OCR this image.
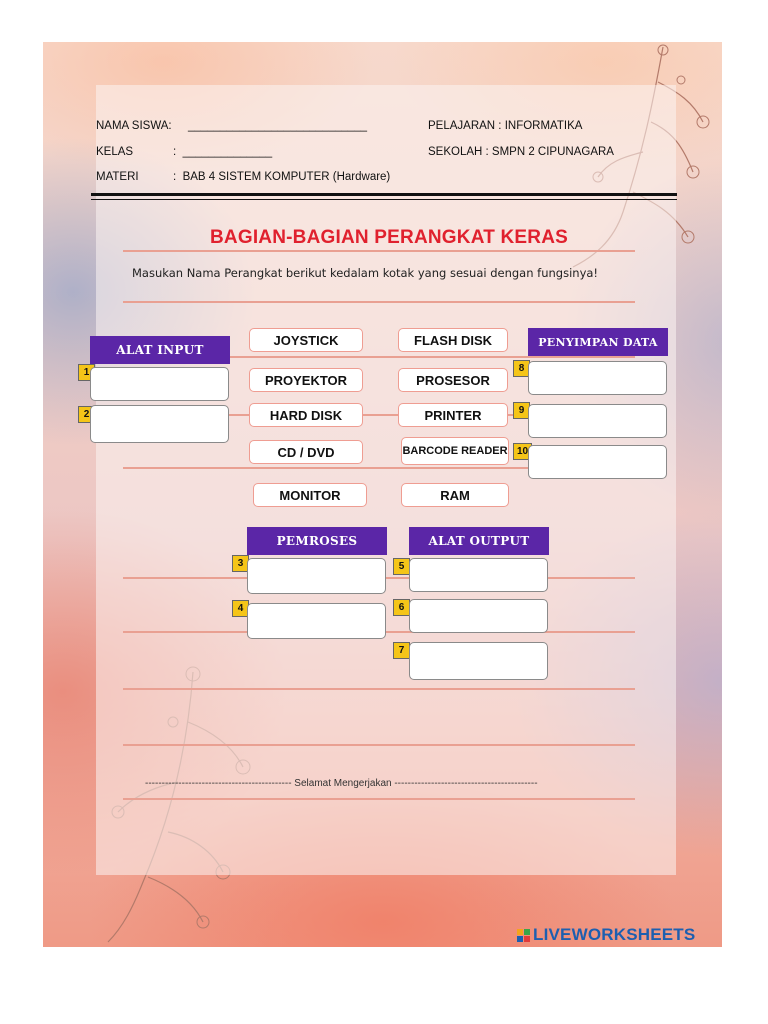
NAMA SISWA: ____________________________
KELAS	:  ______________
MATERI	:  BAB 4 SISTEM KOMPUTER (Hardware)
PELAJARAN : INFORMATIKA
SEKOLAH : SMPN 2 CIPUNAGARA
BAGIAN-BAGIAN PERANGKAT KERAS
Masukan Nama Perangkat berikut kedalam kotak yang sesuai dengan fungsinya!
JOYSTICK	FLASH DISK
PROYEKTOR	PROSESOR
HARD DISK	PRINTER
CD / DVD	BARCODE READER
MONITOR	RAM
ALAT INPUT
1
2
PENYIMPAN DATA
8
9
10
PEMROSES
3
4
ALAT OUTPUT
5
6
7
-------------------------------------------- Selamat Mengerjakan -------------------------------------------
LIVEWORKSHEETS
